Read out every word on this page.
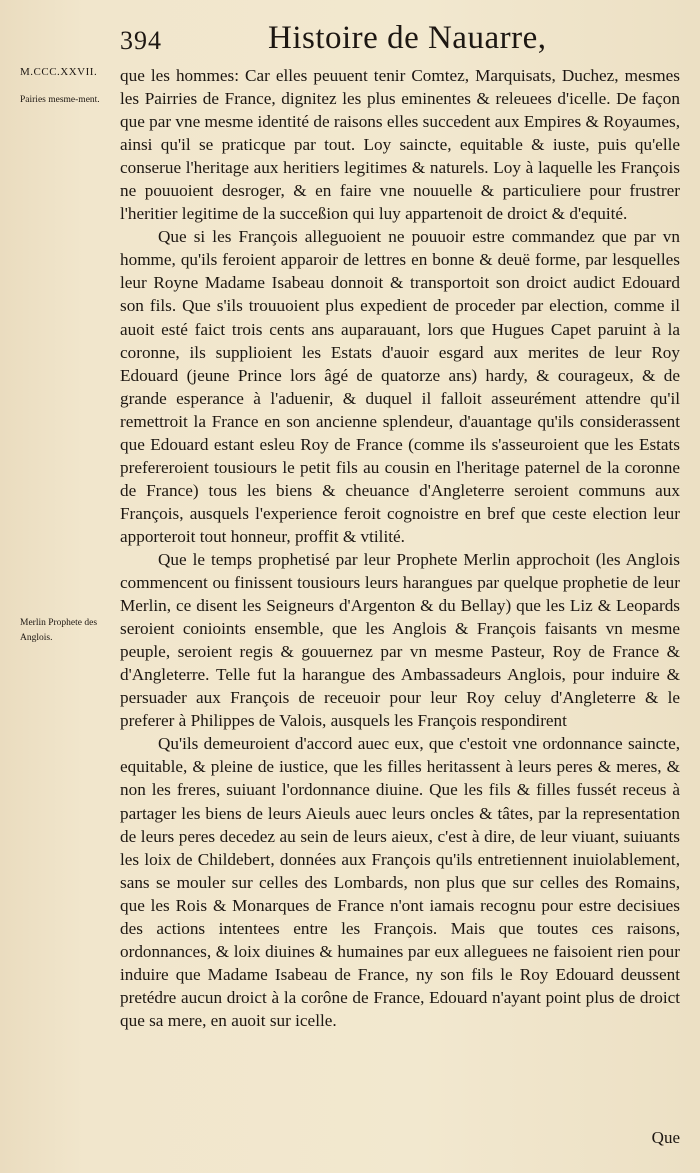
394	Histoire de Nauarre,
M.CCC.XXVII.
Pairies mesme-ment.
Merlin Prophete des Anglois.

que les hommes: Car elles peuuent tenir Comtez, Marquisats, Duchez, mesmes les Pairries de France, dignitez les plus eminentes & releuees d'icelle. De façon que par vne mesme identité de raisons elles succedent aux Empires & Royaumes, ainsi qu'il se praticque par tout. Loy saincte, equitable & iuste, puis qu'elle conserue l'heritage aux heritiers legitimes & naturels. Loy à laquelle les François ne pouuoient desroger, & en faire vne nouuelle & particuliere pour frustrer l'heritier legitime de la succeßion qui luy appartenoit de droict & d'equité.

Que si les François alleguoient ne pouuoir estre commandez que par vn homme, qu'ils feroient apparoir de lettres en bonne & deuë forme, par lesquelles leur Royne Madame Isabeau donnoit & transportoit son droict audict Edouard son fils. Que s'ils trouuoient plus expedient de proceder par election, comme il auoit esté faict trois cents ans auparauant, lors que Hugues Capet paruint à la coronne, ils supplioient les Estats d'auoir esgard aux merites de leur Roy Edouard (jeune Prince lors âgé de quatorze ans) hardy, & courageux, & de grande esperance à l'aduenir, & duquel il falloit asseurément attendre qu'il remettroit la France en son ancienne splendeur, d'auantage qu'ils considerassent que Edouard estant esleu Roy de France (comme ils s'asseuroient que les Estats prefereroient tousiours le petit fils au cousin en l'heritage paternel de la coronne de France) tous les biens & cheuance d'Angleterre seroient communs aux François, ausquels l'experience feroit cognoistre en bref que ceste election leur apporteroit tout honneur, proffit & vtilité.

Que le temps prophetisé par leur Prophete Merlin approchoit (les Anglois commencent ou finissent tousiours leurs harangues par quelque prophetie de leur Merlin, ce disent les Seigneurs d'Argenton & du Bellay) que les Liz & Leopards seroient conioints ensemble, que les Anglois & François faisants vn mesme peuple, seroient regis & gouuernez par vn mesme Pasteur, Roy de France & d'Angleterre. Telle fut la harangue des Ambassadeurs Anglois, pour induire & persuader aux François de receuoir pour leur Roy celuy d'Angleterre & le preferer à Philippes de Valois, ausquels les François respondirent

Qu'ils demeuroient d'accord auec eux, que c'estoit vne ordonnance saincte, equitable, & pleine de iustice, que les filles heritassent à leurs peres & meres, & non les freres, suiuant l'ordonnance diuine. Que les fils & filles fussét receus à partager les biens de leurs Aieuls auec leurs oncles & tâtes, par la representation de leurs peres decedez au sein de leurs aieux, c'est à dire, de leur viuant, suiuants les loix de Childebert, données aux François qu'ils entretiennent inuiolablement, sans se mouler sur celles des Lombards, non plus que sur celles des Romains, que les Rois & Monarques de France n'ont iamais recognu pour estre decisiues des actions intentees entre les François. Mais que toutes ces raisons, ordonnances, & loix diuines & humaines par eux alleguees ne faisoient rien pour induire que Madame Isabeau de France, ny son fils le Roy Edouard deussent pretédre aucun droict à la corône de France, Edouard n'ayant point plus de droict que sa mere, en auoit sur icelle.

Que
